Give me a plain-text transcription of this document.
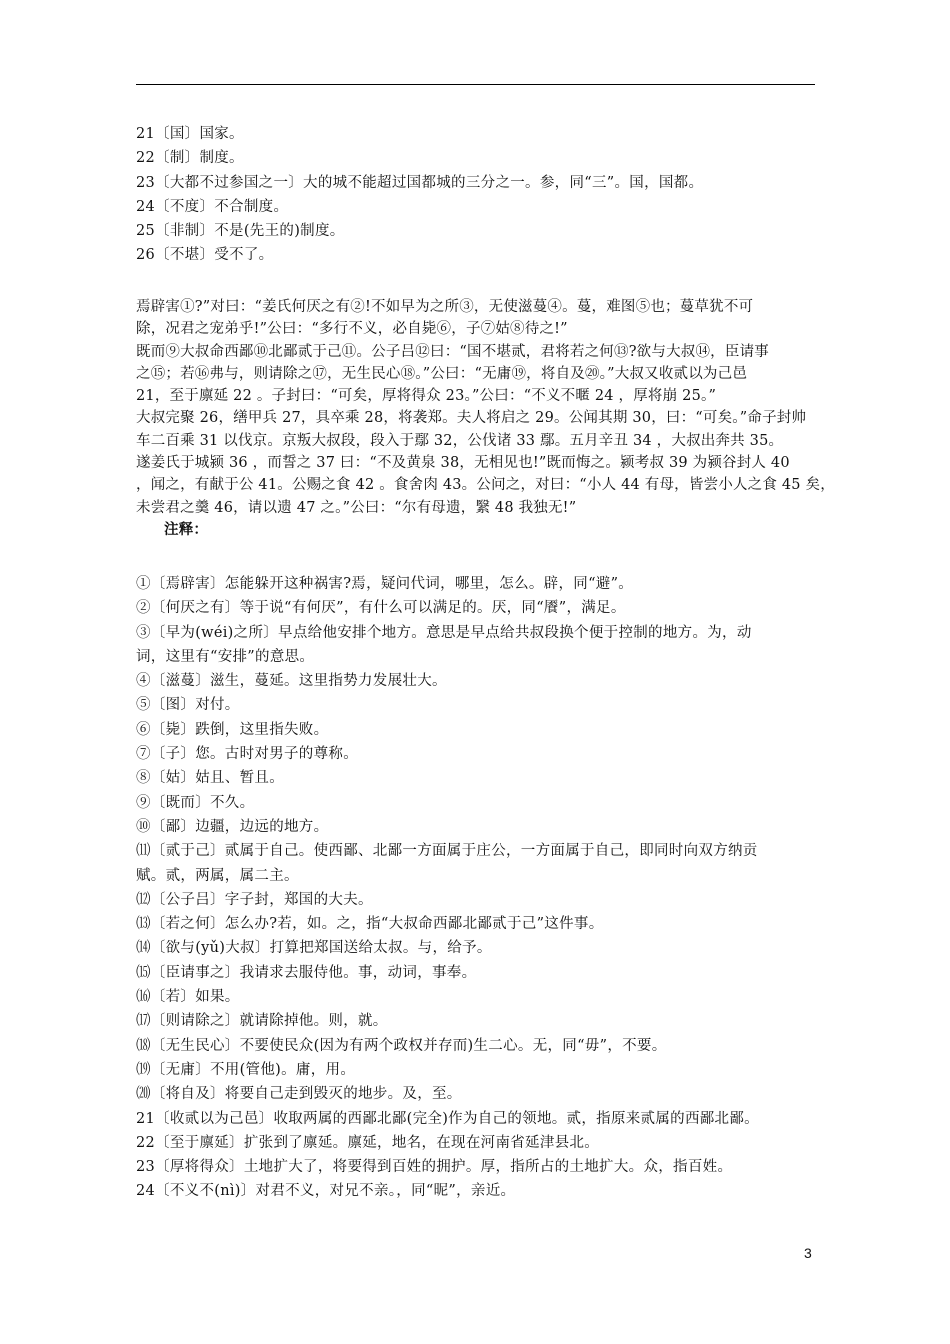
21〔国〕国家。
22〔制〕制度。
23〔大都不过参国之一〕大的城不能超过国都城的三分之一。参，同“三”。国，国都。
24〔不度〕不合制度。
25〔非制〕不是(先王的)制度。
26〔不堪〕受不了。
焉辟害①?”对曰：“姜氏何厌之有②!不如早为之所③，无使滋蔓④。蔓，难图⑤也；蔓草犹不可
除，况君之宠弟乎!”公曰：“多行不义，必自毙⑥，子⑦姑⑧待之!”
既而⑨大叔命西鄙⑩北鄙贰于己⑪。公子吕⑫曰：“国不堪贰，君将若之何⑬?欲与大叔⑭，臣请事
之⑮；若⑯弗与，则请除之⑰，无生民心⑱。”公曰：“无庸⑲，将自及⑳。”大叔又收贰以为己邑
21，至于廪延 22 。子封曰：“可矣，厚将得众 23。”公曰：“不义不暱 24 ，厚将崩 25。”
大叔完聚 26，缮甲兵 27，具卒乘 28，将袭郑。夫人将启之 29。公闻其期 30，曰：“可矣。”命子封帅
车二百乘 31 以伐京。京叛大叔段，段入于鄢 32，公伐诸 33 鄢。五月辛丑 34 ，大叔出奔共 35。
遂姜氏于城颍 36 ，而誓之 37 曰：“不及黄泉 38，无相见也!”既而悔之。颍考叔 39 为颍谷封人 40
，闻之，有献于公 41。公赐之食 42 。食舍肉 43。公问之，对曰：“小人 44 有母，皆尝小人之食 45 矣，
未尝君之羹 46，请以遗 47 之。”公曰：“尔有母遗，繄 48 我独无!”
注释：
①〔焉辟害〕怎能躲开这种祸害?焉，疑问代词，哪里，怎么。辟，同“避”。
②〔何厌之有〕等于说“有何厌”，有什么可以满足的。厌，同“餍”，满足。
③〔早为(wéi)之所〕早点给他安排个地方。意思是早点给共叔段换个便于控制的地方。为，动
词，这里有“安排”的意思。
④〔滋蔓〕滋生，蔓延。这里指势力发展壮大。
⑤〔图〕对付。
⑥〔毙〕跌倒，这里指失败。
⑦〔子〕您。古时对男子的尊称。
⑧〔姑〕姑且、暂且。
⑨〔既而〕不久。
⑩〔鄙〕边疆，边远的地方。
⑾〔贰于己〕贰属于自己。使西鄙、北鄙一方面属于庄公，一方面属于自己，即同时向双方纳贡
赋。贰，两属，属二主。
⑿〔公子吕〕字子封，郑国的大夫。
⒀〔若之何〕怎么办?若，如。之，指“大叔命西鄙北鄙贰于己”这件事。
⒁〔欲与(yǔ)大叔〕打算把郑国送给太叔。与，给予。
⒂〔臣请事之〕我请求去服侍他。事，动词，事奉。
⒃〔若〕如果。
⒄〔则请除之〕就请除掉他。则，就。
⒅〔无生民心〕不要使民众(因为有两个政权并存而)生二心。无，同“毋”，不要。
⒆〔无庸〕不用(管他)。庸，用。
⒇〔将自及〕将要自己走到毁灭的地步。及，至。
21〔收贰以为己邑〕收取两属的西鄙北鄙(完全)作为自己的领地。贰，指原来贰属的西鄙北鄙。
22〔至于廪延〕扩张到了廪延。廪延，地名，在现在河南省延津县北。
23〔厚将得众〕土地扩大了，将要得到百姓的拥护。厚，指所占的土地扩大。众，指百姓。
24〔不义不(nì)〕对君不义，对兄不亲。，同“昵”，亲近。
3
